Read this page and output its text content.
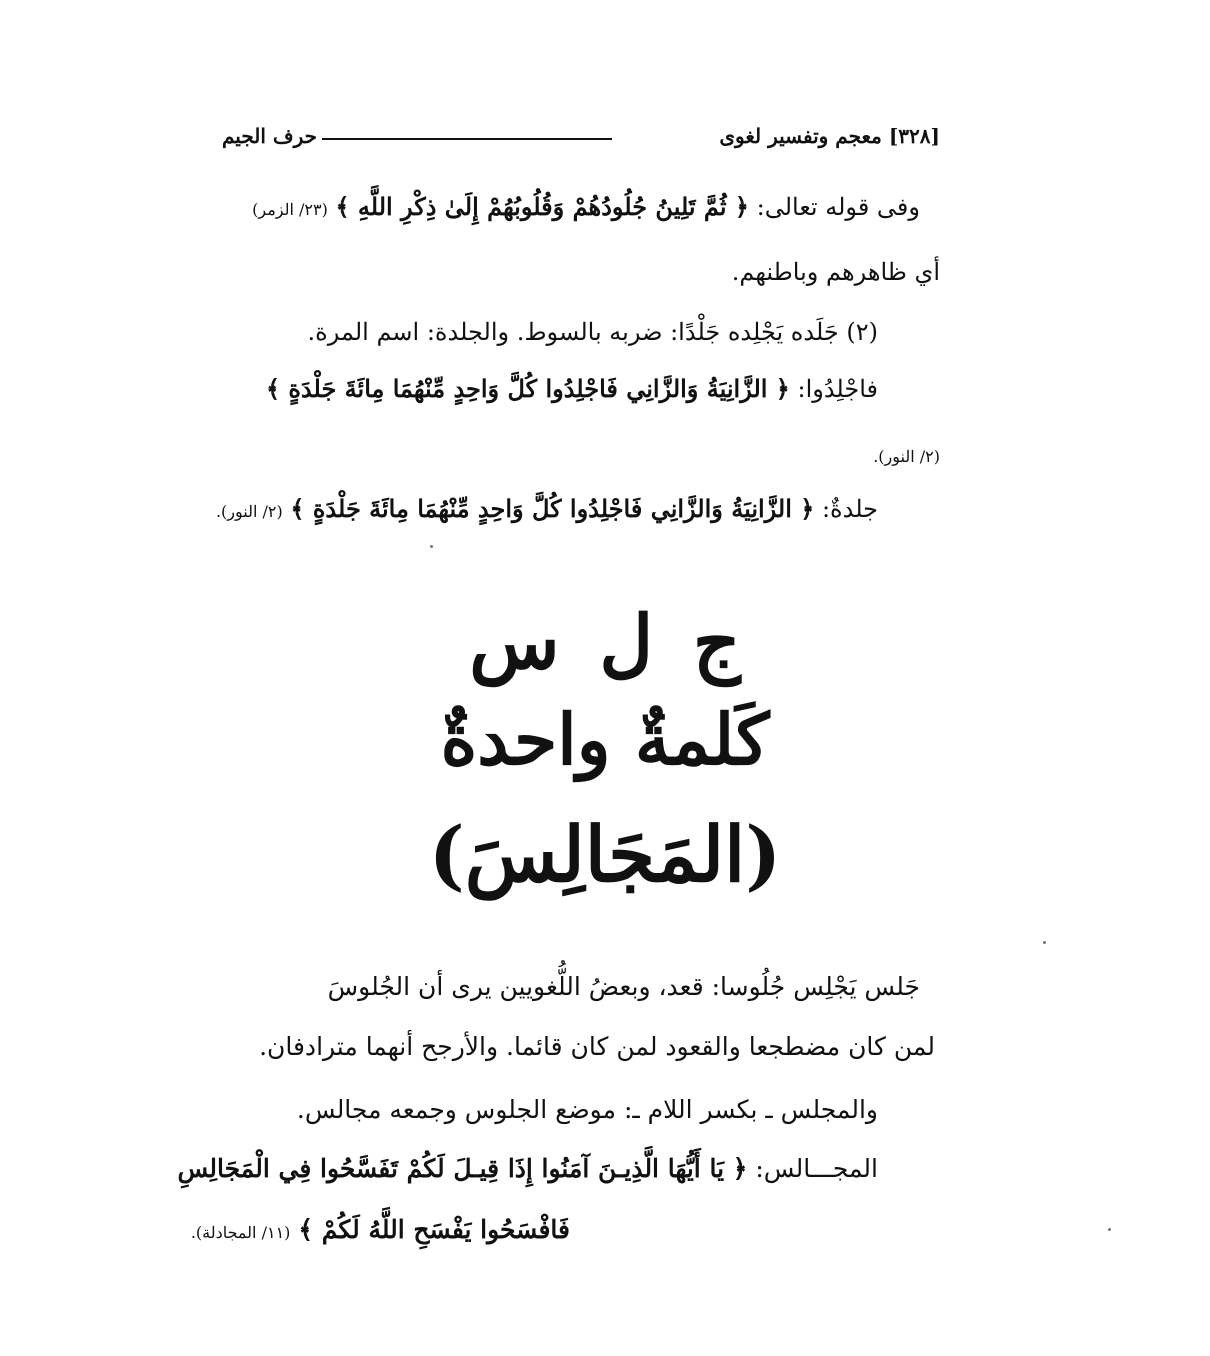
[٣٢٨] معجم وتفسير لغوى
حرف الجيم
وفى قوله تعالى: ﴿ ثُمَّ تَلِينُ جُلُودُهُمْ وَقُلُوبُهُمْ إِلَىٰ ذِكْرِ اللَّهِ ﴾ (٢٣/ الزمر)
أي ظاهرهم وباطنهم.
(٢) جَلَده يَجْلِده جَلْدًا: ضربه بالسوط. والجلدة: اسم المرة.
فاجْلِدُوا: ﴿ الزَّانِيَةُ وَالزَّانِي فَاجْلِدُوا كُلَّ وَاحِدٍ مِّنْهُمَا مِائَةَ جَلْدَةٍ ﴾
(٢/ النور).
جلدةٌ: ﴿ الزَّانِيَةُ وَالزَّانِي فَاجْلِدُوا كُلَّ وَاحِدٍ مِّنْهُمَا مِائَةَ جَلْدَةٍ ﴾ (٢/ النور).
ج ل س
كَلمةٌ واحدةٌ
(المَجَالِسَ)
جَلس يَجْلِس جُلُوسا: قعد، وبعضُ اللُّغويين يرى أن الجُلوسَ
لمن كان مضطجعا والقعود لمن كان قائما. والأرجح أنهما مترادفان.
والمجلس ـ بكسر اللام ـ: موضع الجلوس وجمعه مجالس.
المجـــالس: ﴿ يَا أَيُّهَا الَّذِيـنَ آمَنُوا إِذَا قِيـلَ لَكُمْ تَفَسَّحُوا فِي الْمَجَالِسِ
فَافْسَحُوا يَفْسَحِ اللَّهُ لَكُمْ ﴾ (١١/ المجادلة).
